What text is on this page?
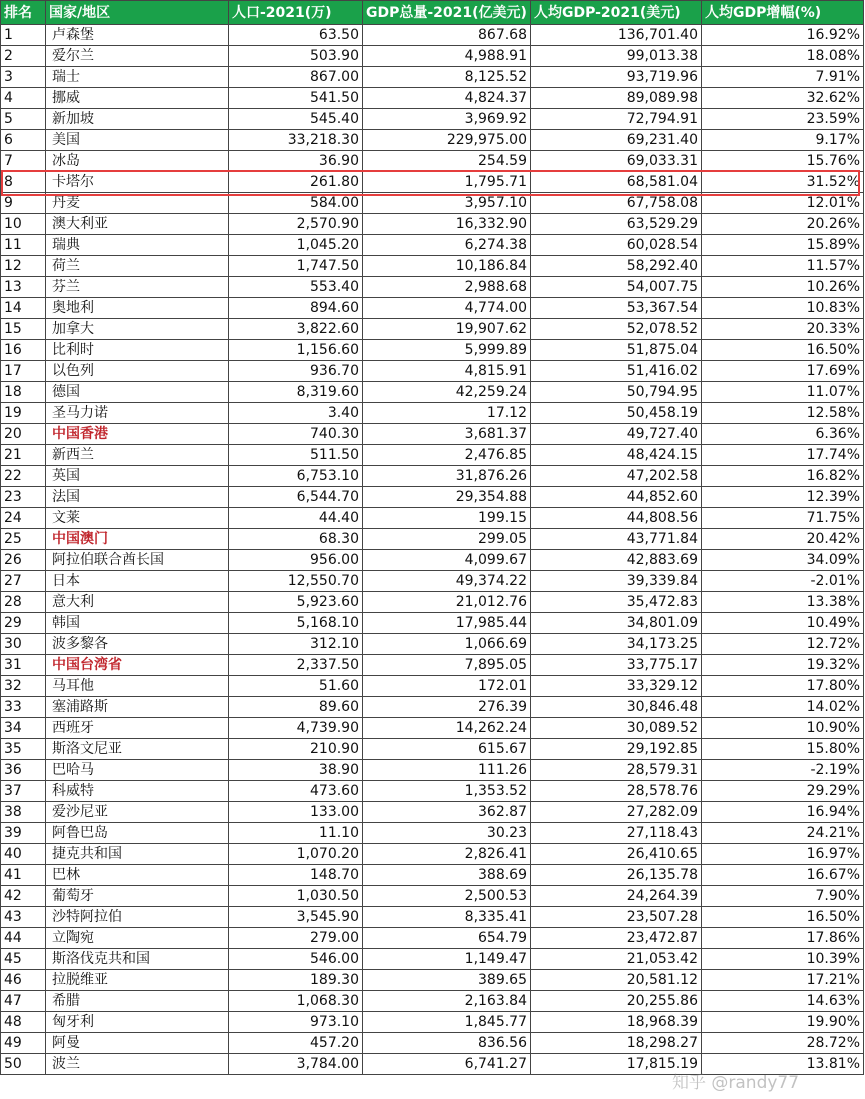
排名	国家/地区	人口-2021(万)	GDP总量-2021(亿美元)	人均GDP-2021(美元)	人均GDP增幅(%)
1	卢森堡	63.50	867.68	136,701.40	16.92%
2	爱尔兰	503.90	4,988.91	99,013.38	18.08%
3	瑞士	867.00	8,125.52	93,719.96	7.91%
4	挪威	541.50	4,824.37	89,089.98	32.62%
5	新加坡	545.40	3,969.92	72,794.91	23.59%
6	美国	33,218.30	229,975.00	69,231.40	9.17%
7	冰岛	36.90	254.59	69,033.31	15.76%
8	卡塔尔	261.80	1,795.71	68,581.04	31.52%
9	丹麦	584.00	3,957.10	67,758.08	12.01%
10	澳大利亚	2,570.90	16,332.90	63,529.29	20.26%
11	瑞典	1,045.20	6,274.38	60,028.54	15.89%
12	荷兰	1,747.50	10,186.84	58,292.40	11.57%
13	芬兰	553.40	2,988.68	54,007.75	10.26%
14	奥地利	894.60	4,774.00	53,367.54	10.83%
15	加拿大	3,822.60	19,907.62	52,078.52	20.33%
16	比利时	1,156.60	5,999.89	51,875.04	16.50%
17	以色列	936.70	4,815.91	51,416.02	17.69%
18	德国	8,319.60	42,259.24	50,794.95	11.07%
19	圣马力诺	3.40	17.12	50,458.19	12.58%
20	中国香港	740.30	3,681.37	49,727.40	6.36%
21	新西兰	511.50	2,476.85	48,424.15	17.74%
22	英国	6,753.10	31,876.26	47,202.58	16.82%
23	法国	6,544.70	29,354.88	44,852.60	12.39%
24	文莱	44.40	199.15	44,808.56	71.75%
25	中国澳门	68.30	299.05	43,771.84	20.42%
26	阿拉伯联合酋长国	956.00	4,099.67	42,883.69	34.09%
27	日本	12,550.70	49,374.22	39,339.84	-2.01%
28	意大利	5,923.60	21,012.76	35,472.83	13.38%
29	韩国	5,168.10	17,985.44	34,801.09	10.49%
30	波多黎各	312.10	1,066.69	34,173.25	12.72%
31	中国台湾省	2,337.50	7,895.05	33,775.17	19.32%
32	马耳他	51.60	172.01	33,329.12	17.80%
33	塞浦路斯	89.60	276.39	30,846.48	14.02%
34	西班牙	4,739.90	14,262.24	30,089.52	10.90%
35	斯洛文尼亚	210.90	615.67	29,192.85	15.80%
36	巴哈马	38.90	111.26	28,579.31	-2.19%
37	科威特	473.60	1,353.52	28,578.76	29.29%
38	爱沙尼亚	133.00	362.87	27,282.09	16.94%
39	阿鲁巴岛	11.10	30.23	27,118.43	24.21%
40	捷克共和国	1,070.20	2,826.41	26,410.65	16.97%
41	巴林	148.70	388.69	26,135.78	16.67%
42	葡萄牙	1,030.50	2,500.53	24,264.39	7.90%
43	沙特阿拉伯	3,545.90	8,335.41	23,507.28	16.50%
44	立陶宛	279.00	654.79	23,472.87	17.86%
45	斯洛伐克共和国	546.00	1,149.47	21,053.42	10.39%
46	拉脱维亚	189.30	389.65	20,581.12	17.21%
47	希腊	1,068.30	2,163.84	20,255.86	14.63%
48	匈牙利	973.10	1,845.77	18,968.39	19.90%
49	阿曼	457.20	836.56	18,298.27	28.72%
50	波兰	3,784.00	6,741.27	17,815.19	13.81%
知乎 @randy77
